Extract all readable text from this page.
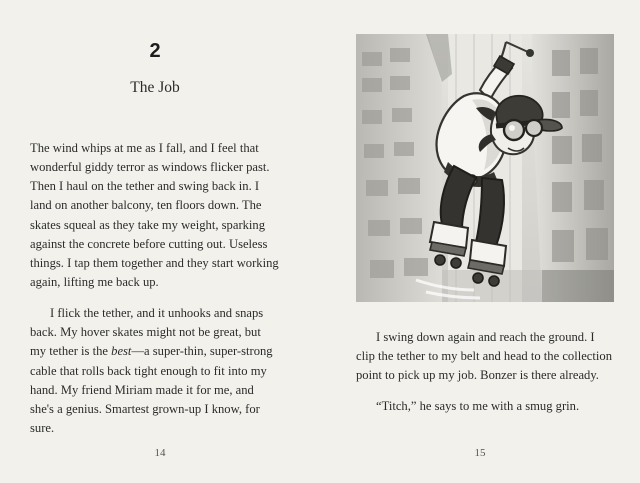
2
The Job

The wind whips at me as I fall, and I feel that wonderful giddy terror as windows flicker past. Then I haul on the tether and swing back in. I land on another balcony, ten floors down. The skates squeal as they take my weight, sparking against the concrete before cutting out. Useless things. I tap them together and they start working again, lifting me back up.

I flick the tether, and it unhooks and snaps back. My hover skates might not be great, but my tether is the best—a super-thin, super-strong cable that rolls back tight enough to fit into my hand. My friend Miriam made it for me, and she's a genius. Smartest grown-up I know, for sure.

14

I swing down again and reach the ground. I clip the tether to my belt and head to the collection point to pick up my job. Bonzer is there already.

“Titch,” he says to me with a smug grin.

15
